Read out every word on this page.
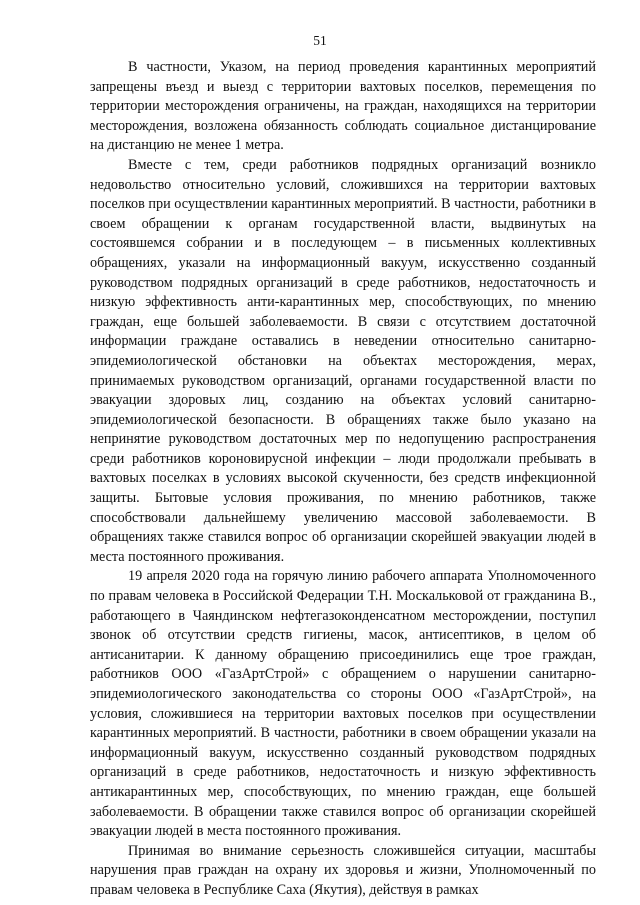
51

В частности, Указом, на период проведения карантинных мероприятий запрещены въезд и выезд с территории вахтовых поселков, перемещения по территории месторождения ограничены, на граждан, находящихся на территории месторождения, возложена обязанность соблюдать социальное дистанцирование на дистанцию не менее 1 метра.

Вместе с тем, среди работников подрядных организаций возникло недовольство относительно условий, сложившихся на территории вахтовых поселков при осуществлении карантинных мероприятий. В частности, работники в своем обращении к органам государственной власти, выдвинутых на состоявшемся собрании и в последующем – в письменных коллективных обращениях, указали на информационный вакуум, искусственно созданный руководством подрядных организаций в среде работников, недостаточность и низкую эффективность анти-карантинных мер, способствующих, по мнению граждан, еще большей заболеваемости. В связи с отсутствием достаточной информации граждане оставались в неведении относительно санитарно-эпидемиологической обстановки на объектах месторождения, мерах, принимаемых руководством организаций, органами государственной власти по эвакуации здоровых лиц, созданию на объектах условий санитарно-эпидемиологической безопасности. В обращениях также было указано на непринятие руководством достаточных мер по недопущению распространения среди работников короновирусной инфекции – люди продолжали пребывать в вахтовых поселках в условиях высокой скученности, без средств инфекционной защиты. Бытовые условия проживания, по мнению работников, также способствовали дальнейшему увеличению массовой заболеваемости. В обращениях также ставился вопрос об организации скорейшей эвакуации людей в места постоянного проживания.

19 апреля 2020 года на горячую линию рабочего аппарата Уполномоченного по правам человека в Российской Федерации Т.Н. Москальковой от гражданина В., работающего в Чаяндинском нефтегазоконденсатном месторождении, поступил звонок об отсутствии средств гигиены, масок, антисептиков, в целом об антисанитарии. К данному обращению присоединились еще трое граждан, работников ООО «ГазАртСтрой» с обращением о нарушении санитарно-эпидемиологического законодательства со стороны ООО «ГазАртСтрой», на условия, сложившиеся на территории вахтовых поселков при осуществлении карантинных мероприятий. В частности, работники в своем обращении указали на информационный вакуум, искусственно созданный руководством подрядных организаций в среде работников, недостаточность и низкую эффективность антикарантинных мер, способствующих, по мнению граждан, еще большей заболеваемости. В обращении также ставился вопрос об организации скорейшей эвакуации людей в места постоянного проживания.

Принимая во внимание серьезность сложившейся ситуации, масштабы нарушения прав граждан на охрану их здоровья и жизни, Уполномоченный по правам человека в Республике Саха (Якутия), действуя в рамках
